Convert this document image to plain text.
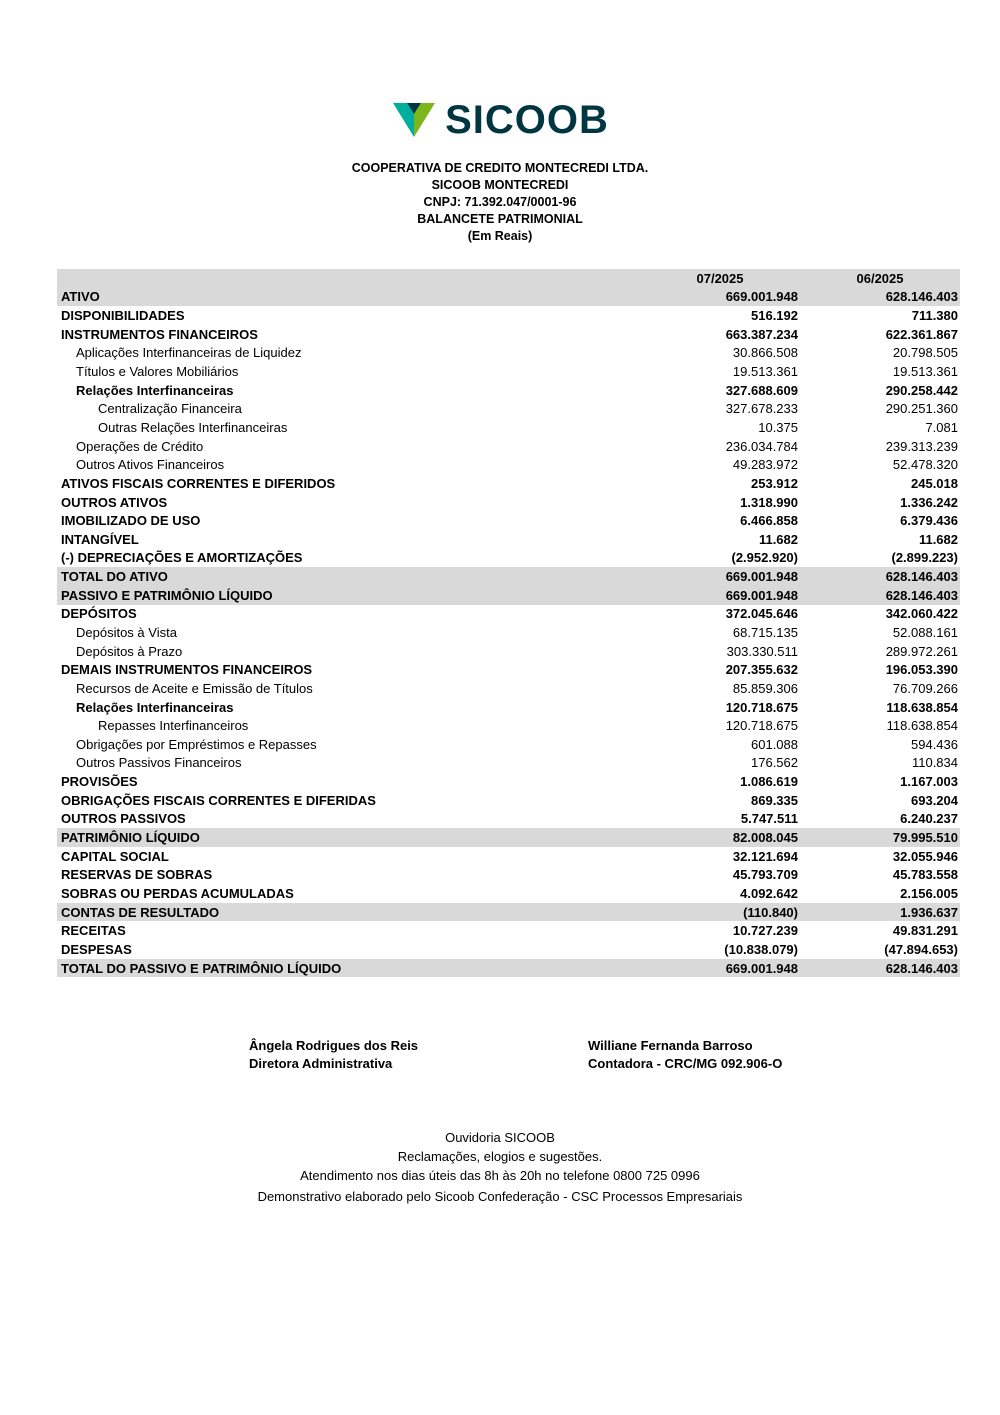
SICOOB
COOPERATIVA DE CREDITO MONTECREDI LTDA.
SICOOB MONTECREDI
CNPJ: 71.392.047/0001-96
BALANCETE PATRIMONIAL
(Em Reais)
07/2025	06/2025
ATIVO	669.001.948	628.146.403
DISPONIBILIDADES	516.192	711.380
INSTRUMENTOS FINANCEIROS	663.387.234	622.361.867
Aplicações Interfinanceiras de Liquidez	30.866.508	20.798.505
Títulos e Valores Mobiliários	19.513.361	19.513.361
Relações Interfinanceiras	327.688.609	290.258.442
Centralização Financeira	327.678.233	290.251.360
Outras Relações Interfinanceiras	10.375	7.081
Operações de Crédito	236.034.784	239.313.239
Outros Ativos Financeiros	49.283.972	52.478.320
ATIVOS FISCAIS CORRENTES E DIFERIDOS	253.912	245.018
OUTROS ATIVOS	1.318.990	1.336.242
IMOBILIZADO DE USO	6.466.858	6.379.436
INTANGÍVEL	11.682	11.682
(-) DEPRECIAÇÕES E AMORTIZAÇÕES	(2.952.920)	(2.899.223)
TOTAL DO ATIVO	669.001.948	628.146.403
PASSIVO E PATRIMÔNIO LÍQUIDO	669.001.948	628.146.403
DEPÓSITOS	372.045.646	342.060.422
Depósitos à Vista	68.715.135	52.088.161
Depósitos à Prazo	303.330.511	289.972.261
DEMAIS INSTRUMENTOS FINANCEIROS	207.355.632	196.053.390
Recursos de Aceite e Emissão de Títulos	85.859.306	76.709.266
Relações Interfinanceiras	120.718.675	118.638.854
Repasses Interfinanceiros	120.718.675	118.638.854
Obrigações por Empréstimos e Repasses	601.088	594.436
Outros Passivos Financeiros	176.562	110.834
PROVISÕES	1.086.619	1.167.003
OBRIGAÇÕES FISCAIS CORRENTES E DIFERIDAS	869.335	693.204
OUTROS PASSIVOS	5.747.511	6.240.237
PATRIMÔNIO LÍQUIDO	82.008.045	79.995.510
CAPITAL SOCIAL	32.121.694	32.055.946
RESERVAS DE SOBRAS	45.793.709	45.783.558
SOBRAS OU PERDAS ACUMULADAS	4.092.642	2.156.005
CONTAS DE RESULTADO	(110.840)	1.936.637
RECEITAS	10.727.239	49.831.291
DESPESAS	(10.838.079)	(47.894.653)
TOTAL DO PASSIVO E PATRIMÔNIO LÍQUIDO	669.001.948	628.146.403
Ângela Rodrigues dos Reis
Diretora Administrativa
Williane Fernanda Barroso
Contadora - CRC/MG 092.906-O
Ouvidoria SICOOB
Reclamações, elogios e sugestões.
Atendimento nos dias úteis das 8h às 20h no telefone 0800 725 0996
Demonstrativo elaborado pelo Sicoob Confederação - CSC Processos Empresariais
